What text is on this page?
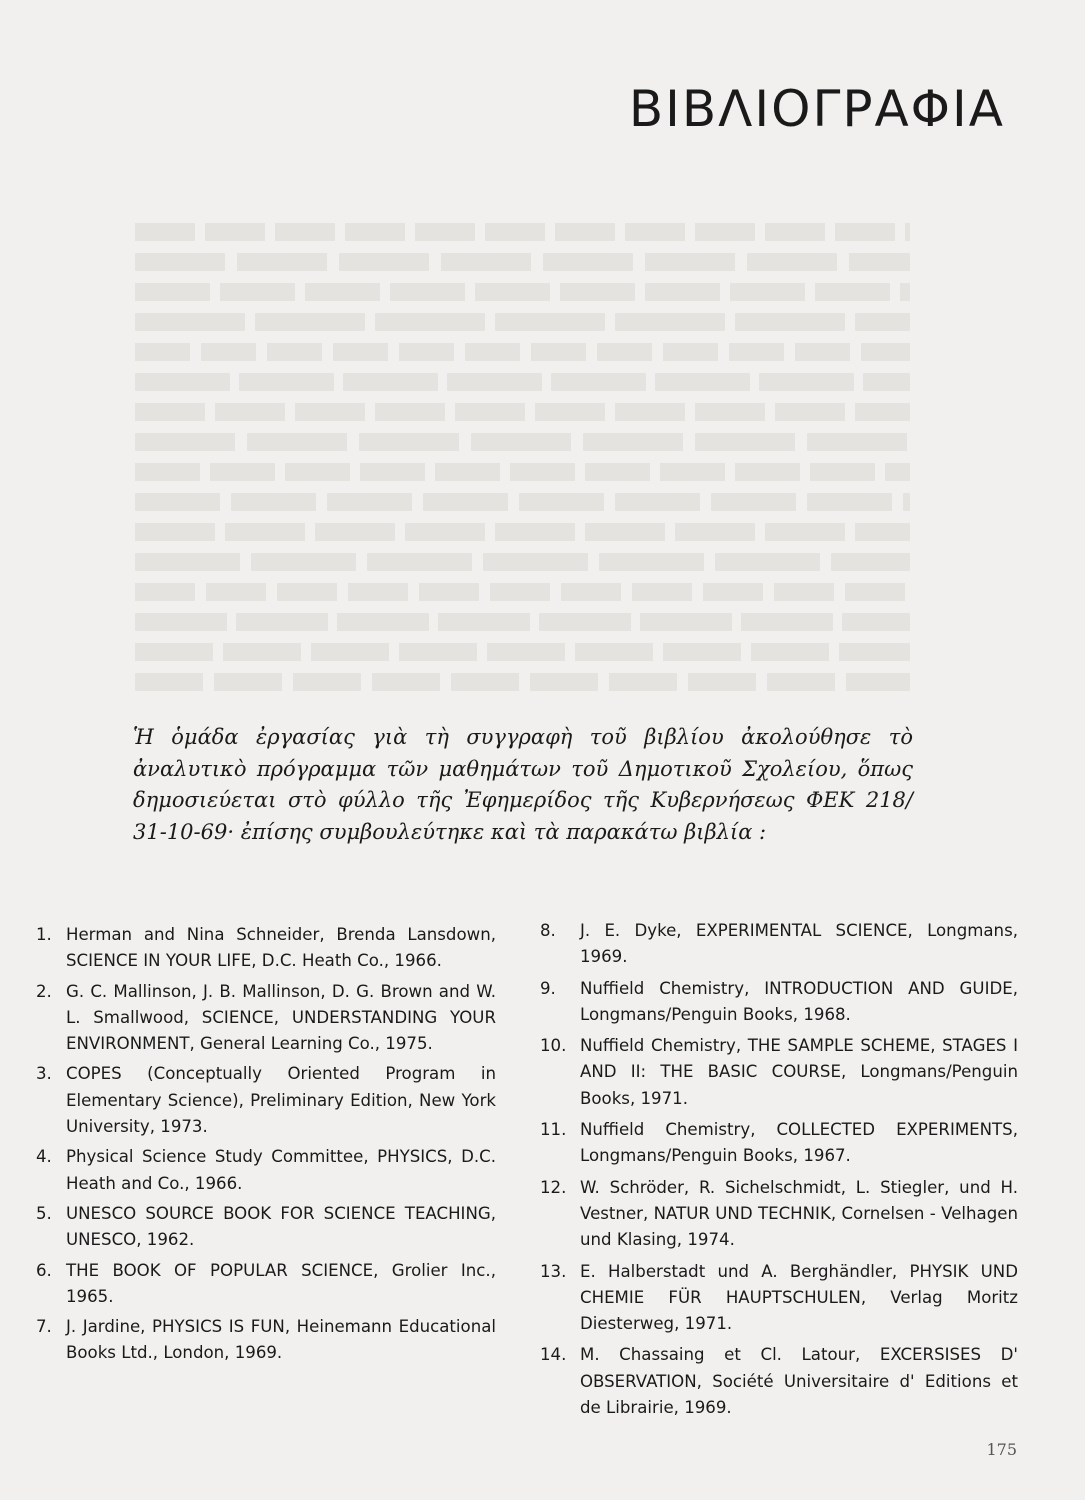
ΒΙΒΛΙΟΓΡΑΦΙΑ

Ἡ ὁμάδα ἐργασίας γιὰ τὴ συγγραφὴ τοῦ βιβλίου ἀκολούθησε τὸ ἀναλυτικὸ πρόγραμμα τῶν μαθημάτων τοῦ Δημοτικοῦ Σχολείου, ὅπως δημοσιεύεται στὸ φύλλο τῆς Ἐφημερίδος τῆς Κυβερνήσεως ΦΕΚ 218/ 31-10-69· ἐπίσης συμβουλεύτηκε καὶ τὰ παρακάτω βιβλία :

1. Herman and Nina Schneider, Brenda Lansdown, SCIENCE IN YOUR LIFE, D.C. Heath Co., 1966.
2. G. C. Mallinson, J. B. Mallinson, D. G. Brown and W. L. Smallwood, SCIENCE, UNDERSTANDING YOUR ENVIRONMENT, General Learning Co., 1975.
3. COPES (Conceptually Oriented Program in Elementary Science), Preliminary Edition, New York University, 1973.
4. Physical Science Study Committee, PHYSICS, D.C. Heath and Co., 1966.
5. UNESCO SOURCE BOOK FOR SCIENCE TEACHING, UNESCO, 1962.
6. THE BOOK OF POPULAR SCIENCE, Grolier Inc., 1965.
7. J. Jardine, PHYSICS IS FUN, Heinemann Educational Books Ltd., London, 1969.
8. J. E. Dyke, EXPERIMENTAL SCIENCE, Longmans, 1969.
9. Nuffield Chemistry, INTRODUCTION AND GUIDE, Longmans/Penguin Books, 1968.
10. Nuffield Chemistry, THE SAMPLE SCHEME, STAGES I AND II: THE BASIC COURSE, Longmans/Penguin Books, 1971.
11. Nuffield Chemistry, COLLECTED EXPERIMENTS, Longmans/Penguin Books, 1967.
12. W. Schröder, R. Sichelschmidt, L. Stiegler, und H. Vestner, NATUR UND TECHNIK, Cornelsen - Velhagen und Klasing, 1974.
13. E. Halberstadt und A. Berghändler, PHYSIK UND CHEMIE FÜR HAUPTSCHULEN, Verlag Moritz Diesterweg, 1971.
14. M. Chassaing et Cl. Latour, EXCERSISES D' OBSERVATION, Société Universitaire d' Editions et de Librairie, 1969.
175
